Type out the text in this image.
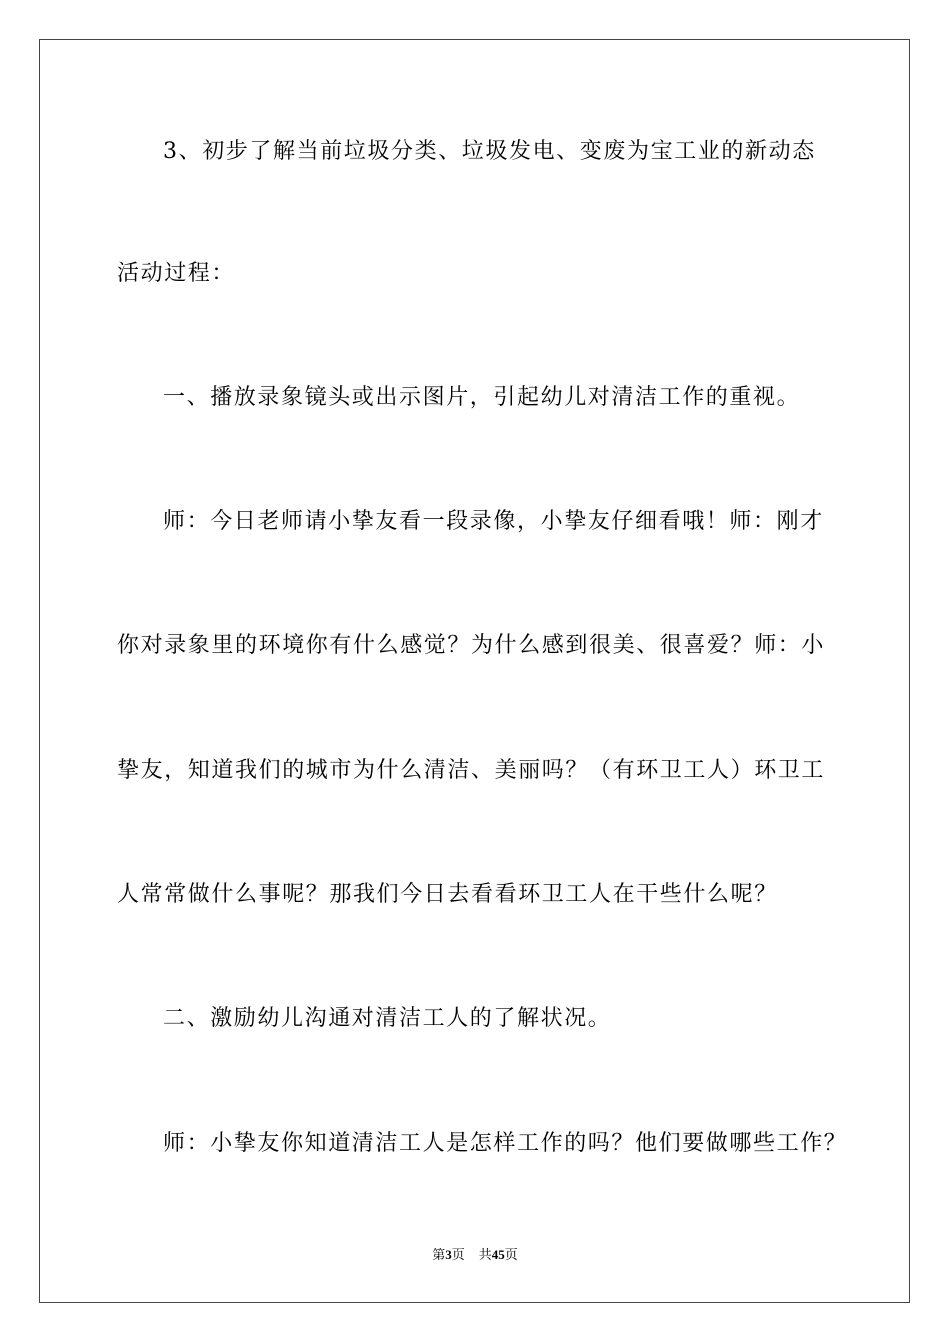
3、初步了解当前垃圾分类、垃圾发电、变废为宝工业的新动态
活动过程：
一、播放录象镜头或出示图片，引起幼儿对清洁工作的重视。
师：今日老师请小挚友看一段录像，小挚友仔细看哦！师：刚才
你对录象里的环境你有什么感觉？为什么感到很美、很喜爱？师：小
挚友，知道我们的城市为什么清洁、美丽吗？（有环卫工人）环卫工
人常常做什么事呢？那我们今日去看看环卫工人在干些什么呢？
二、激励幼儿沟通对清洁工人的了解状况。
师：小挚友你知道清洁工人是怎样工作的吗？他们要做哪些工作？
第3页 共45页
